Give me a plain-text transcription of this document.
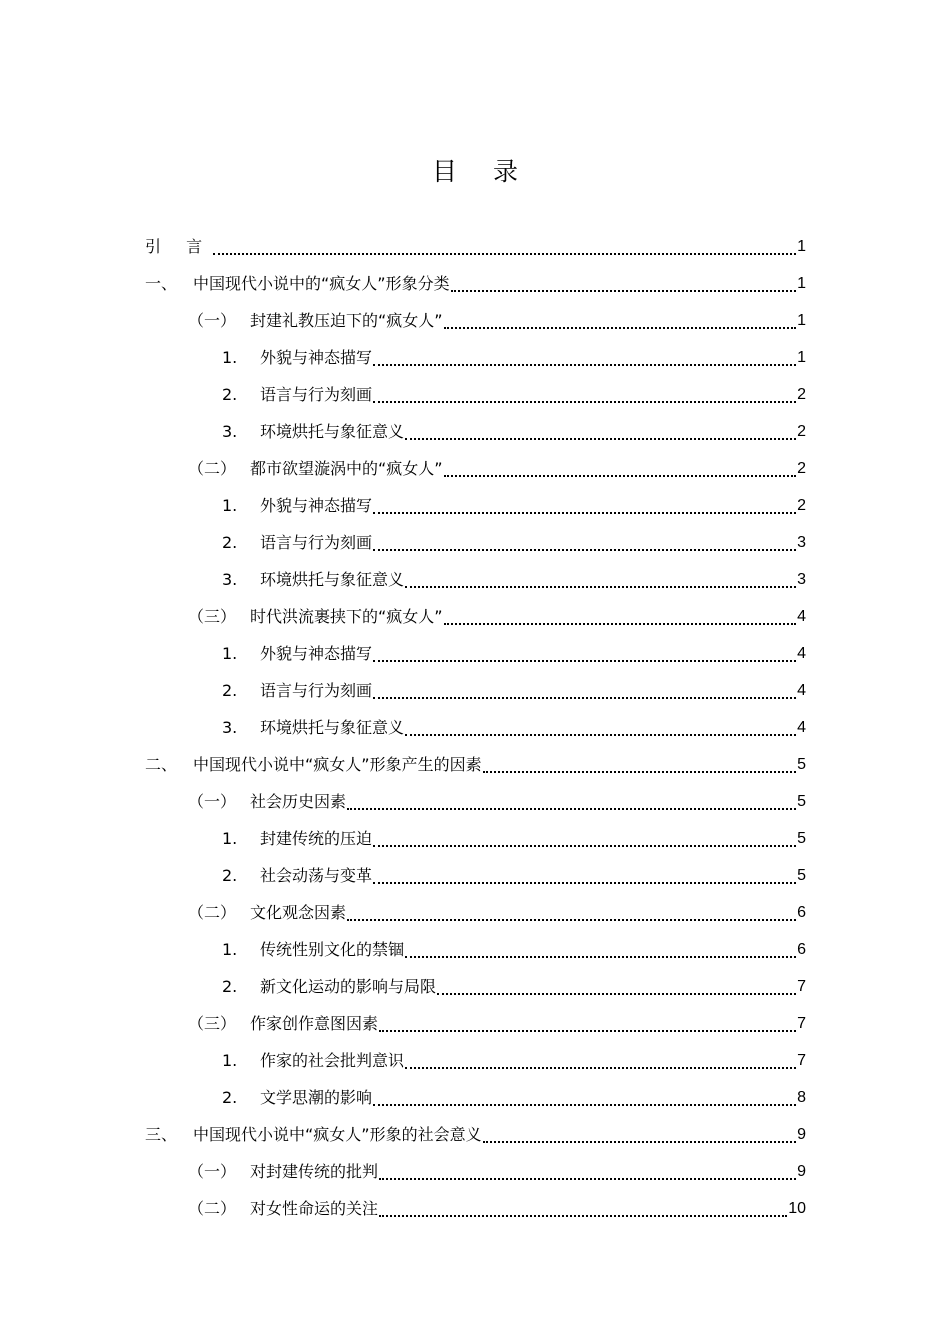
目 录
引 言	1
一、 中国现代小说中的“疯女人”形象分类	1
（一） 封建礼教压迫下的“疯女人”	1
1.	外貌与神态描写	1
2.	语言与行为刻画	2
3.	环境烘托与象征意义	2
（二） 都市欲望漩涡中的“疯女人”	2
1.	外貌与神态描写	2
2.	语言与行为刻画	3
3.	环境烘托与象征意义	3
（三） 时代洪流裹挟下的“疯女人”	4
1.	外貌与神态描写	4
2.	语言与行为刻画	4
3.	环境烘托与象征意义	4
二、 中国现代小说中“疯女人”形象产生的因素	5
（一） 社会历史因素	5
1.	封建传统的压迫	5
2.	社会动荡与变革	5
（二） 文化观念因素	6
1.	传统性别文化的禁锢	6
2.	新文化运动的影响与局限	7
（三） 作家创作意图因素	7
1.	作家的社会批判意识	7
2.	文学思潮的影响	8
三、 中国现代小说中“疯女人”形象的社会意义	9
（一） 对封建传统的批判	9
（二） 对女性命运的关注	10
